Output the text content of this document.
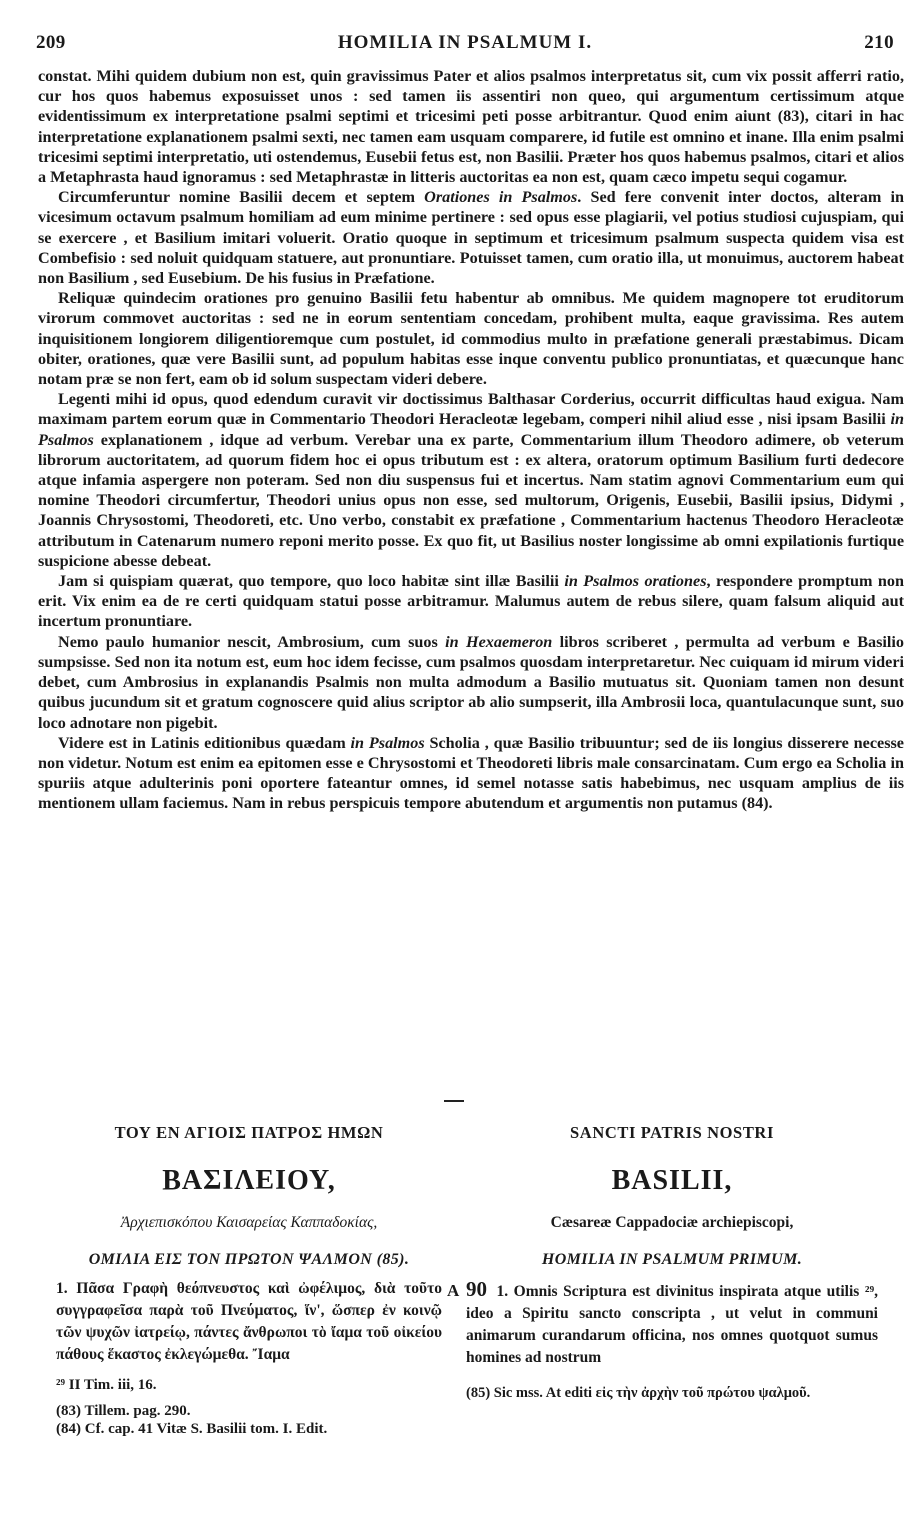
209	HOMILIA IN PSALMUM I.	210

constat. Mihi quidem dubium non est, quin gravissimus Pater et alios psalmos interpretatus sit, cum vix possit afferri ratio, cur hos quos habemus exposuisset unos : sed tamen iis assentiri non queo, qui argumentum certissimum atque evidentissimum ex interpretatione psalmi septimi et tricesimi peti posse arbitrantur. Quod enim aiunt (83), citari in hac interpretatione explanationem psalmi sexti, nec tamen eam usquam comparere, id futile est omnino et inane. Illa enim psalmi tricesimi septimi interpretatio, uti ostendemus, Eusebii fetus est, non Basilii. Præter hos quos habemus psalmos, citari et alios a Metaphrasta haud ignoramus : sed Metaphrastæ in litteris auctoritas ea non est, quam cæco impetu sequi cogamur.

Circumferuntur nomine Basilii decem et septem Orationes in Psalmos. Sed fere convenit inter doctos, alteram in vicesimum octavum psalmum homiliam ad eum minime pertinere : sed opus esse plagiarii, vel potius studiosi cujuspiam, qui se exercere , et Basilium imitari voluerit. Oratio quoque in septimum et tricesimum psalmum suspecta quidem visa est Combefisio : sed noluit quidquam statuere, aut pronuntiare. Potuisset tamen, cum oratio illa, ut monuimus, auctorem habeat non Basilium , sed Eusebium. De his fusius in Præfatione.

Reliquæ quindecim orationes pro genuino Basilii fetu habentur ab omnibus. Me quidem magnopere tot eruditorum virorum commovet auctoritas : sed ne in eorum sententiam concedam, prohibent multa, eaque gravissima. Res autem inquisitionem longiorem diligentioremque cum postulet, id commodius multo in præfatione generali præstabimus. Dicam obiter, orationes, quæ vere Basilii sunt, ad populum habitas esse inque conventu publico pronuntiatas, et quæcunque hanc notam præ se non fert, eam ob id solum suspectam videri debere.

Legenti mihi id opus, quod edendum curavit vir doctissimus Balthasar Corderius, occurrit difficultas haud exigua. Nam maximam partem eorum quæ in Commentario Theodori Heracleotæ legebam, comperi nihil aliud esse , nisi ipsam Basilii in Psalmos explanationem , idque ad verbum. Verebar una ex parte, Commentarium illum Theodoro adimere, ob veterum librorum auctoritatem, ad quorum fidem hoc ei opus tributum est : ex altera, oratorum optimum Basilium furti dedecore atque infamia aspergere non poteram. Sed non diu suspensus fui et incertus. Nam statim agnovi Commentarium eum qui nomine Theodori circumfertur, Theodori unius opus non esse, sed multorum, Origenis, Eusebii, Basilii ipsius, Didymi , Joannis Chrysostomi, Theodoreti, etc. Uno verbo, constabit ex præfatione , Commentarium hactenus Theodoro Heracleotæ attributum in Catenarum numero reponi merito posse. Ex quo fit, ut Basilius noster longissime ab omni expilationis furtique suspicione abesse debeat.

Jam si quispiam quærat, quo tempore, quo loco habitæ sint illæ Basilii in Psalmos orationes, respondere promptum non erit. Vix enim ea de re certi quidquam statui posse arbitramur. Malumus autem de rebus silere, quam falsum aliquid aut incertum pronuntiare.

Nemo paulo humanior nescit, Ambrosium, cum suos in Hexaemeron libros scriberet , permulta ad verbum e Basilio sumpsisse. Sed non ita notum est, eum hoc idem fecisse, cum psalmos quosdam interpretaretur. Nec cuiquam id mirum videri debet, cum Ambrosius in explanandis Psalmis non multa admodum a Basilio mutuatus sit. Quoniam tamen non desunt quibus jucundum sit et gratum cognoscere quid alius scriptor ab alio sumpserit, illa Ambrosii loca, quantulacunque sunt, suo loco adnotare non pigebit.

Videre est in Latinis editionibus quædam in Psalmos Scholia , quæ Basilio tribuuntur; sed de iis longius disserere necesse non videtur. Notum est enim ea epitomen esse e Chrysostomi et Theodoreti libris male consarcinatam. Cum ergo ea Scholia in spuriis atque adulterinis poni oportere fateantur omnes, id semel notasse satis habebimus, nec usquam amplius de iis mentionem ullam faciemus. Nam in rebus perspicuis tempore abutendum et argumentis non putamus (84).

ΤΟΥ ΕΝ ΑΓΙΟΙΣ ΠΑΤΡΟΣ ΗΜΩΝ
ΒΑΣΙΛΕΙΟΥ,
Ἀρχιεπισκόπου Καισαρείας Καππαδοκίας,
ΟΜΙΛΙΑ ΕΙΣ ΤΟΝ ΠΡΩΤΟΝ ΨΑΛΜΟΝ (85).
1. Πᾶσα Γραφὴ θεόπνευστος καὶ ὠφέλιμος, διὰ τοῦτο συγγραφεῖσα παρὰ τοῦ Πνεύματος, ἵν', ὥσπερ ἐν κοινῷ τῶν ψυχῶν ἰατρείῳ, πάντες ἄνθρωποι τὸ ἴαμα τοῦ οἰκείου πάθους ἕκαστος ἐκλεγώμεθα. Ἴαμα
²⁹ II Tim. iii, 16.
(83) Tillem. pag. 290.
(84) Cf. cap. 41 Vitæ S. Basilii tom. I. Edit.
A
SANCTI PATRIS NOSTRI
BASILII,
Cæsareæ Cappadociæ archiepiscopi,
HOMILIA IN PSALMUM PRIMUM.
90 1. Omnis Scriptura est divinitus inspirata atque utilis ²⁹, ideo a Spiritu sancto conscripta , ut velut in communi animarum curandarum officina, nos omnes quotquot sumus homines ad nostrum
(85) Sic mss. At editi εἰς τὴν ἀρχὴν τοῦ πρώτου ψαλμοῦ.
